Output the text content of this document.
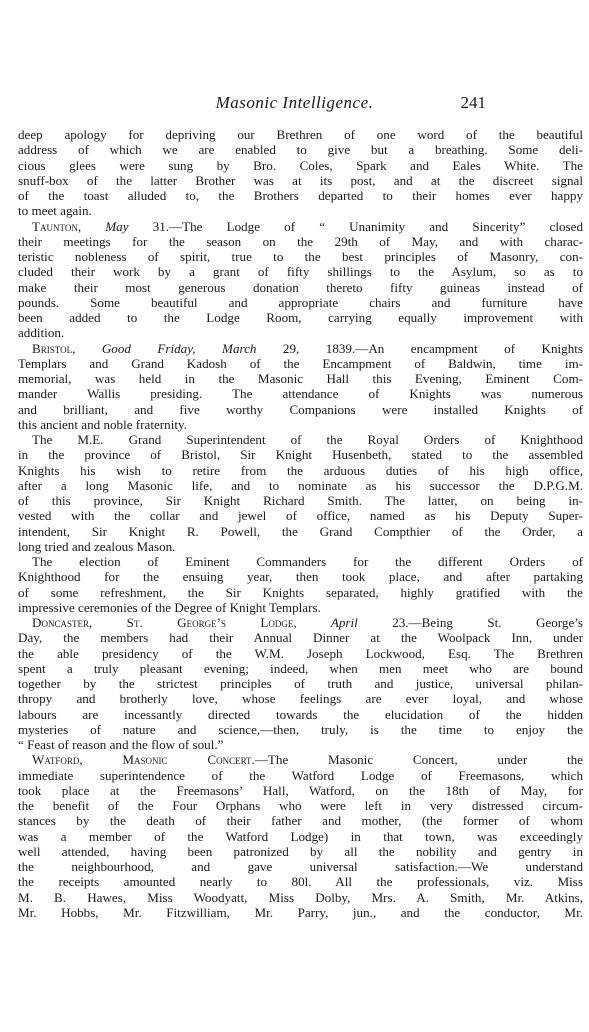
Masonic Intelligence.	241

deep apology for depriving our Brethren of one word of the beautiful
address of which we are enabled to give but a breathing. Some deli-
cious glees were sung by Bro. Coles, Spark and Eales White. The
snuff-box of the latter Brother was at its post, and at the discreet signal
of the toast alluded to, the Brothers departed to their homes ever happy
to meet again.

Taunton, May 31.—The Lodge of “ Unanimity and Sincerity” closed
their meetings for the season on the 29th of May, and with charac-
teristic nobleness of spirit, true to the best principles of Masonry, con-
cluded their work by a grant of fifty shillings to the Asylum, so as to
make their most generous donation thereto fifty guineas instead of
pounds. Some beautiful and appropriate chairs and furniture have
been added to the Lodge Room, carrying equally improvement with
addition.

Bristol, Good Friday, March 29, 1839.—An encampment of Knights
Templars and Grand Kadosh of the Encampment of Baldwin, time im-
memorial, was held in the Masonic Hall this Evening, Eminent Com-
mander Wallis presiding. The attendance of Knights was numerous
and brilliant, and five worthy Companions were installed Knights of
this ancient and noble fraternity.

The M.E. Grand Superintendent of the Royal Orders of Knighthood
in the province of Bristol, Sir Knight Husenbeth, stated to the assembled
Knights his wish to retire from the arduous duties of his high office,
after a long Masonic life, and to nominate as his successor the D.P.G.M.
of this province, Sir Knight Richard Smith. The latter, on being in-
vested with the collar and jewel of office, named as his Deputy Super-
intendent, Sir Knight R. Powell, the Grand Compthier of the Order, a
long tried and zealous Mason.

The election of Eminent Commanders for the different Orders of
Knighthood for the ensuing year, then took place, and after partaking
of some refreshment, the Sir Knights separated, highly gratified with the
impressive ceremonies of the Degree of Knight Templars.

Doncaster, St. George’s Lodge, April 23.—Being St. George’s
Day, the members had their Annual Dinner at the Woolpack Inn, under
the able presidency of the W.M. Joseph Lockwood, Esq. The Brethren
spent a truly pleasant evening; indeed, when men meet who are bound
together by the strictest principles of truth and justice, universal philan-
thropy and brotherly love, whose feelings are ever loyal, and whose
labours are incessantly directed towards the elucidation of the hidden
mysteries of nature and science,—then, truly, is the time to enjoy the
“ Feast of reason and the flow of soul.”

Watford, Masonic Concert.—The Masonic Concert, under the
immediate superintendence of the Watford Lodge of Freemasons, which
took place at the Freemasons’ Hall, Watford, on the 18th of May, for
the benefit of the Four Orphans who were left in very distressed circum-
stances by the death of their father and mother, (the former of whom
was a member of the Watford Lodge) in that town, was exceedingly
well attended, having been patronized by all the nobility and gentry in
the neighbourhood, and gave universal satisfaction.—We understand
the receipts amounted nearly to 80l. All the professionals, viz. Miss
M. B. Hawes, Miss Woodyatt, Miss Dolby, Mrs. A. Smith, Mr. Atkins,
Mr. Hobbs, Mr. Fitzwilliam, Mr. Parry, jun., and the conductor, Mr.
